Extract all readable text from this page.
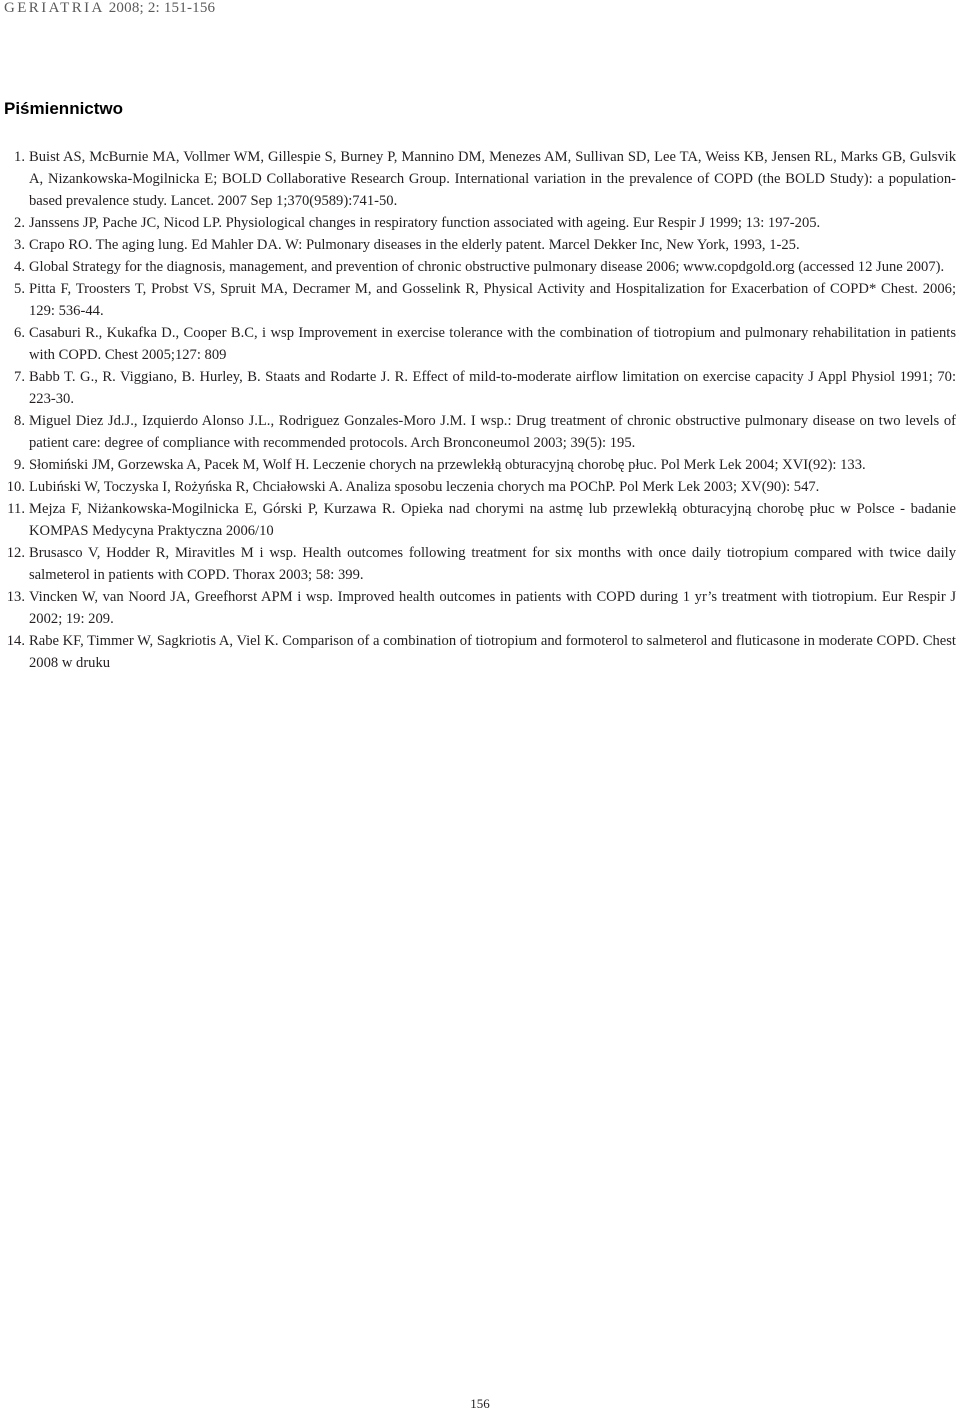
GERIATRIA 2008; 2: 151-156
Piśmiennictwo
1. Buist AS, McBurnie MA, Vollmer WM, Gillespie S, Burney P, Mannino DM, Menezes AM, Sullivan SD, Lee TA, Weiss KB, Jensen RL, Marks GB, Gulsvik A, Nizankowska-Mogilnicka E; BOLD Collaborative Research Group. International variation in the prevalence of COPD (the BOLD Study): a population-based prevalence study. Lancet. 2007 Sep 1;370(9589):741-50.
2. Janssens JP, Pache JC, Nicod LP. Physiological changes in respiratory function associated with ageing. Eur Respir J 1999; 13: 197-205.
3. Crapo RO. The aging lung. Ed Mahler DA. W: Pulmonary diseases in the elderly patent. Marcel Dekker Inc, New York, 1993, 1-25.
4. Global Strategy for the diagnosis, management, and prevention of chronic obstructive pulmonary disease 2006; www.copdgold.org (accessed 12 June 2007).
5. Pitta F, Troosters T, Probst VS, Spruit MA, Decramer M, and Gosselink R, Physical Activity and Hospitalization for Exacerbation of COPD* Chest. 2006; 129: 536-44.
6. Casaburi R., Kukafka D., Cooper B.C, i wsp Improvement in exercise tolerance with the combination of tiotropium and pulmonary rehabilitation in patients with COPD. Chest 2005;127: 809
7. Babb T. G., R. Viggiano, B. Hurley, B. Staats and Rodarte J. R. Effect of mild-to-moderate airflow limitation on exercise capacity J Appl Physiol 1991; 70: 223-30.
8. Miguel Diez Jd.J., Izquierdo Alonso J.L., Rodriguez Gonzales-Moro J.M. I wsp.: Drug treatment of chronic obstructive pulmonary disease on two levels of patient care: degree of compliance with recommended protocols. Arch Bronconeumol 2003; 39(5): 195.
9. Słomiński JM, Gorzewska A, Pacek M, Wolf H. Leczenie chorych na przewlekłą obturacyjną chorobę płuc. Pol Merk Lek 2004; XVI(92): 133.
10. Lubiński W, Toczyska I, Rożyńska R, Chciałowski A. Analiza sposobu leczenia chorych ma POChP. Pol Merk Lek 2003; XV(90): 547.
11. Mejza F, Niżankowska-Mogilnicka E, Górski P, Kurzawa R. Opieka nad chorymi na astmę lub przewlekłą obturacyjną chorobę płuc w Polsce - badanie KOMPAS Medycyna Praktyczna 2006/10
12. Brusasco V, Hodder R, Miravitles M i wsp. Health outcomes following treatment for six months with once daily tiotropium compared with twice daily salmeterol in patients with COPD. Thorax 2003; 58: 399.
13. Vincken W, van Noord JA, Greefhorst APM i wsp. Improved health outcomes in patients with COPD during 1 yr’s treatment with tiotropium. Eur Respir J 2002; 19: 209.
14. Rabe KF, Timmer W, Sagkriotis A, Viel K. Comparison of a combination of tiotropium and formoterol to salmeterol and fluticasone in moderate COPD. Chest 2008 w druku
156
